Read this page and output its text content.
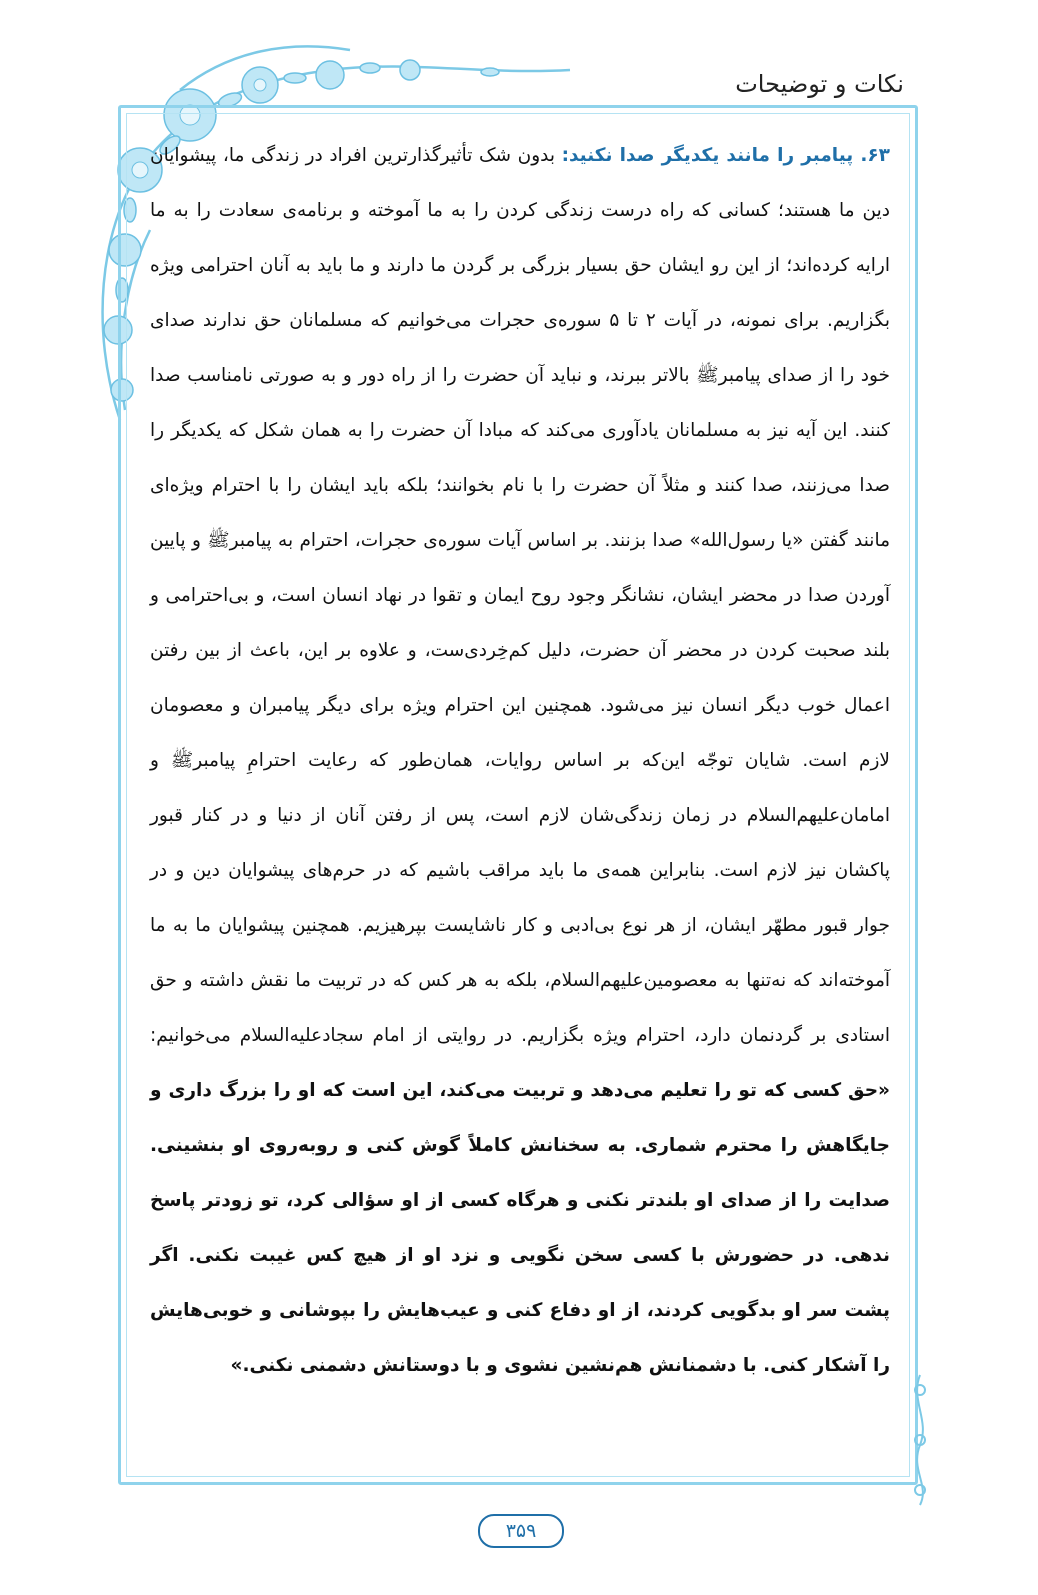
نکات و توضیحات

۶۳. پیامبر را مانند یکدیگر صدا نکنید: بدون شک تأثیرگذارترین افراد در زندگی ما، پیشوایان دین ما هستند؛ کسانی که راه درست زندگی کردن را به ما آموخته و برنامه‌ی سعادت را به ما ارایه کرده‌اند؛ از این رو ایشان حق بسیار بزرگی بر گردن ما دارند و ما باید به آنان احترامی ویژه بگزاریم. برای نمونه، در آیات ۲ تا ۵ سوره‌ی حجرات می‌خوانیم که مسلمانان حق ندارند صدای خود را از صدای پیامبرﷺ بالاتر ببرند، و نباید آن حضرت را از راه دور و به صورتی نامناسب صدا کنند. این آیه نیز به مسلمانان یادآوری می‌کند که مبادا آن حضرت را به همان شکل که یکدیگر را صدا می‌زنند، صدا کنند و مثلاً آن حضرت را با نام بخوانند؛ بلکه باید ایشان را با احترام ویژه‌ای مانند گفتن «یا رسول‌الله» صدا بزنند. بر اساس آیات سوره‌ی حجرات، احترام به پیامبرﷺ و پایین آوردن صدا در محضر ایشان، نشانگر وجود روح ایمان و تقوا در نهاد انسان است، و بی‌احترامی و بلند صحبت کردن در محضر آن حضرت، دلیل کم‌خِردی‌ست، و علاوه بر این، باعث از بین رفتن اعمال خوب دیگر انسان نیز می‌شود. همچنین این احترام ویژه برای دیگر پیامبران و معصومان لازم است. شایان توجّه این‌که بر اساس روایات، همان‌طور که رعایت احترامِ پیامبرﷺ و امامان‌علیهم‌السلام در زمان زندگی‌شان لازم است، پس از رفتن آنان از دنیا و در کنار قبور پاکشان نیز لازم است. بنابراین همه‌ی ما باید مراقب باشیم که در حرم‌های پیشوایان دین و در جوار قبور مطهّر ایشان، از هر نوع بی‌ادبی و کار ناشایست بپرهیزیم. همچنین پیشوایان ما به ما آموخته‌اند که نه‌تنها به معصومین‌علیهم‌السلام، بلکه به هر کس که در تربیت ما نقش داشته و حق استادی بر گردنمان دارد، احترام ویژه بگزاریم. در روایتی از امام سجادعلیه‌السلام می‌خوانیم: «حق کسی که تو را تعلیم می‌دهد و تربیت می‌کند، این است که او را بزرگ داری و جایگاهش را محترم شماری. به سخنانش کاملاً گوش کنی و روبه‌روی او بنشینی. صدایت را از صدای او بلندتر نکنی و هرگاه کسی از او سؤالی کرد، تو زودتر پاسخ ندهی. در حضورش با کسی سخن نگویی و نزد او از هیچ کس غیبت نکنی. اگر پشت سر او بدگویی کردند، از او دفاع کنی و عیب‌هایش را بپوشانی و خوبی‌هایش را آشکار کنی. با دشمنانش هم‌نشین نشوی و با دوستانش دشمنی نکنی.»

۳۵۹
